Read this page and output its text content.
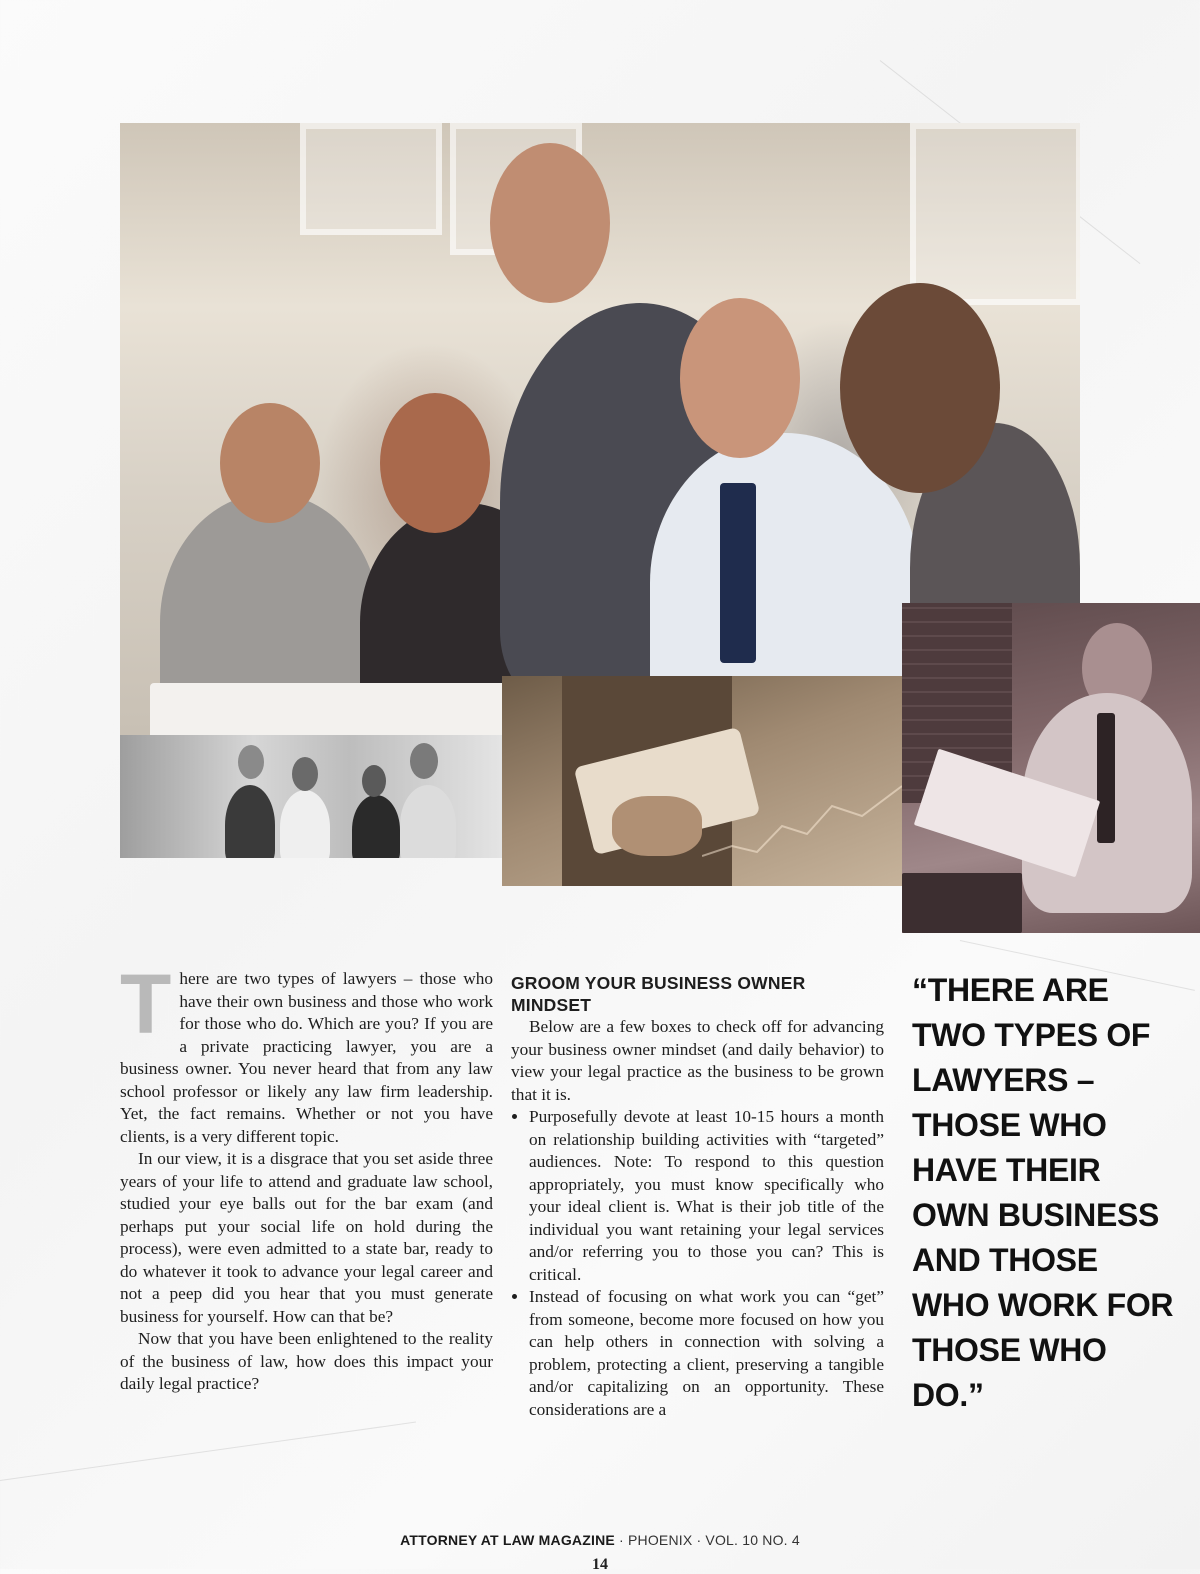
There are two types of lawyers – those who have their own business and those who work for those who do. Which are you? If you are a private practicing lawyer, you are a business owner. You never heard that from any law school professor or likely any law firm leadership. Yet, the fact remains. Whether or not you have clients, is a very different topic.

In our view, it is a disgrace that you set aside three years of your life to attend and graduate law school, studied your eye balls out for the bar exam (and perhaps put your social life on hold during the process), were even admitted to a state bar, ready to do whatever it took to advance your legal career and not a peep did you hear that you must generate business for yourself. How can that be?

Now that you have been enlightened to the reality of the business of law, how does this impact your daily legal practice?

GROOM YOUR BUSINESS OWNER MINDSET

Below are a few boxes to check off for advancing your business owner mindset (and daily behavior) to view your legal practice as the business to be grown that it is.

• Purposefully devote at least 10-15 hours a month on relationship building activities with “targeted” audiences. Note: To respond to this question appropriately, you must know specifically who your ideal client is. What is their job title of the individual you want retaining your legal services and/or referring you to those you can? This is critical.
• Instead of focusing on what work you can “get” from someone, become more focused on how you can help others in connection with solving a problem, protecting a client, preserving a tangible and/or capitalizing on an opportunity. These considerations are a

“THERE ARE TWO TYPES OF LAWYERS – THOSE WHO HAVE THEIR OWN BUSINESS AND THOSE WHO WORK FOR THOSE WHO DO.”

ATTORNEY AT LAW MAGAZINE · PHOENIX · VOL. 10 NO. 4
14
